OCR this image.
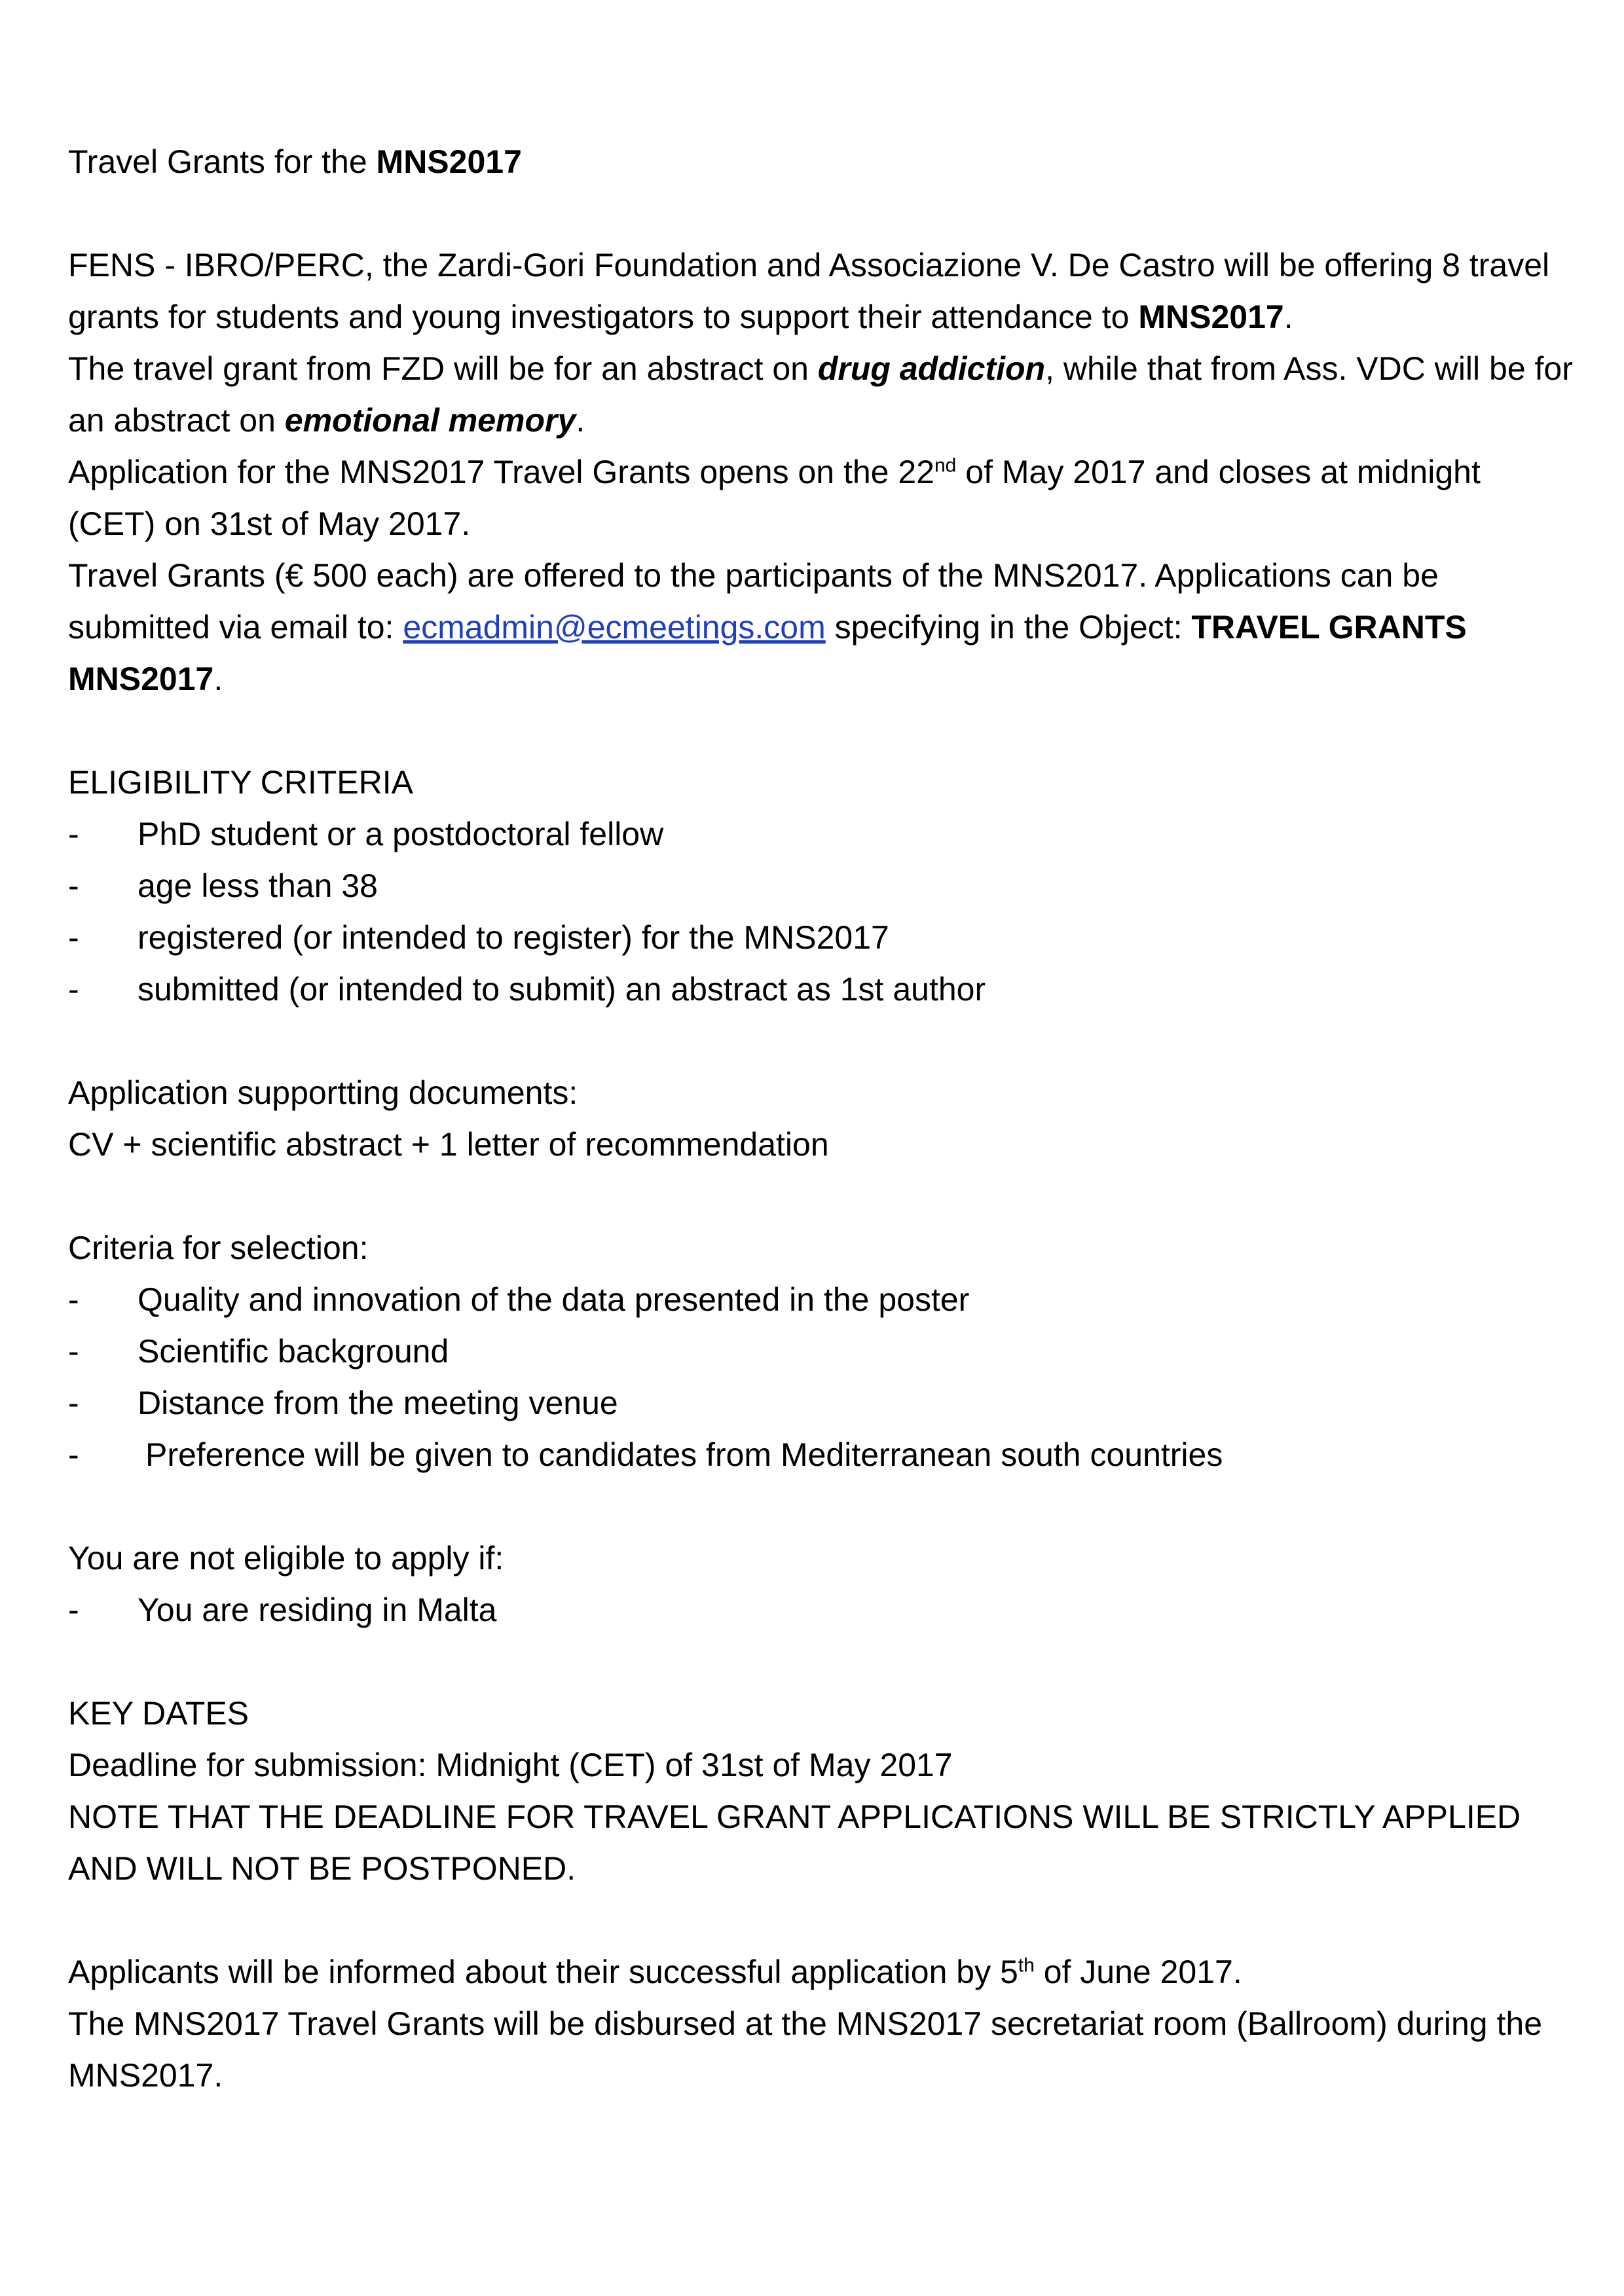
Travel Grants for the MNS2017

FENS - IBRO/PERC, the Zardi-Gori Foundation and Associazione V. De Castro will be offering 8 travel grants for students and young investigators to support their attendance to MNS2017.

The travel grant from FZD will be for an abstract on drug addiction, while that from Ass. VDC will be for an abstract on emotional memory.

Application for the MNS2017 Travel Grants opens on the 22nd of May 2017 and closes at midnight (CET) on 31st of May 2017.

Travel Grants (€ 500 each) are offered to the participants of the MNS2017. Applications can be submitted via email to: ecmadmin@ecmeetings.com specifying in the Object: TRAVEL GRANTS MNS2017.

ELIGIBILITY CRITERIA

- PhD student or a postdoctoral fellow
- age less than 38
- registered (or intended to register) for the MNS2017
- submitted (or intended to submit) an abstract as 1st author

Application supportting documents:

CV + scientific abstract + 1 letter of recommendation

Criteria for selection:

- Quality and innovation of the data presented in the poster
- Scientific background
- Distance from the meeting venue
- Preference will be given to candidates from Mediterranean south countries

You are not eligible to apply if:

- You are residing in Malta

KEY DATES

Deadline for submission: Midnight (CET) of 31st of May 2017

NOTE THAT THE DEADLINE FOR TRAVEL GRANT APPLICATIONS WILL BE STRICTLY APPLIED AND WILL NOT BE POSTPONED.

Applicants will be informed about their successful application by 5th of June 2017.

The MNS2017 Travel Grants will be disbursed at the MNS2017 secretariat room (Ballroom) during the MNS2017.
